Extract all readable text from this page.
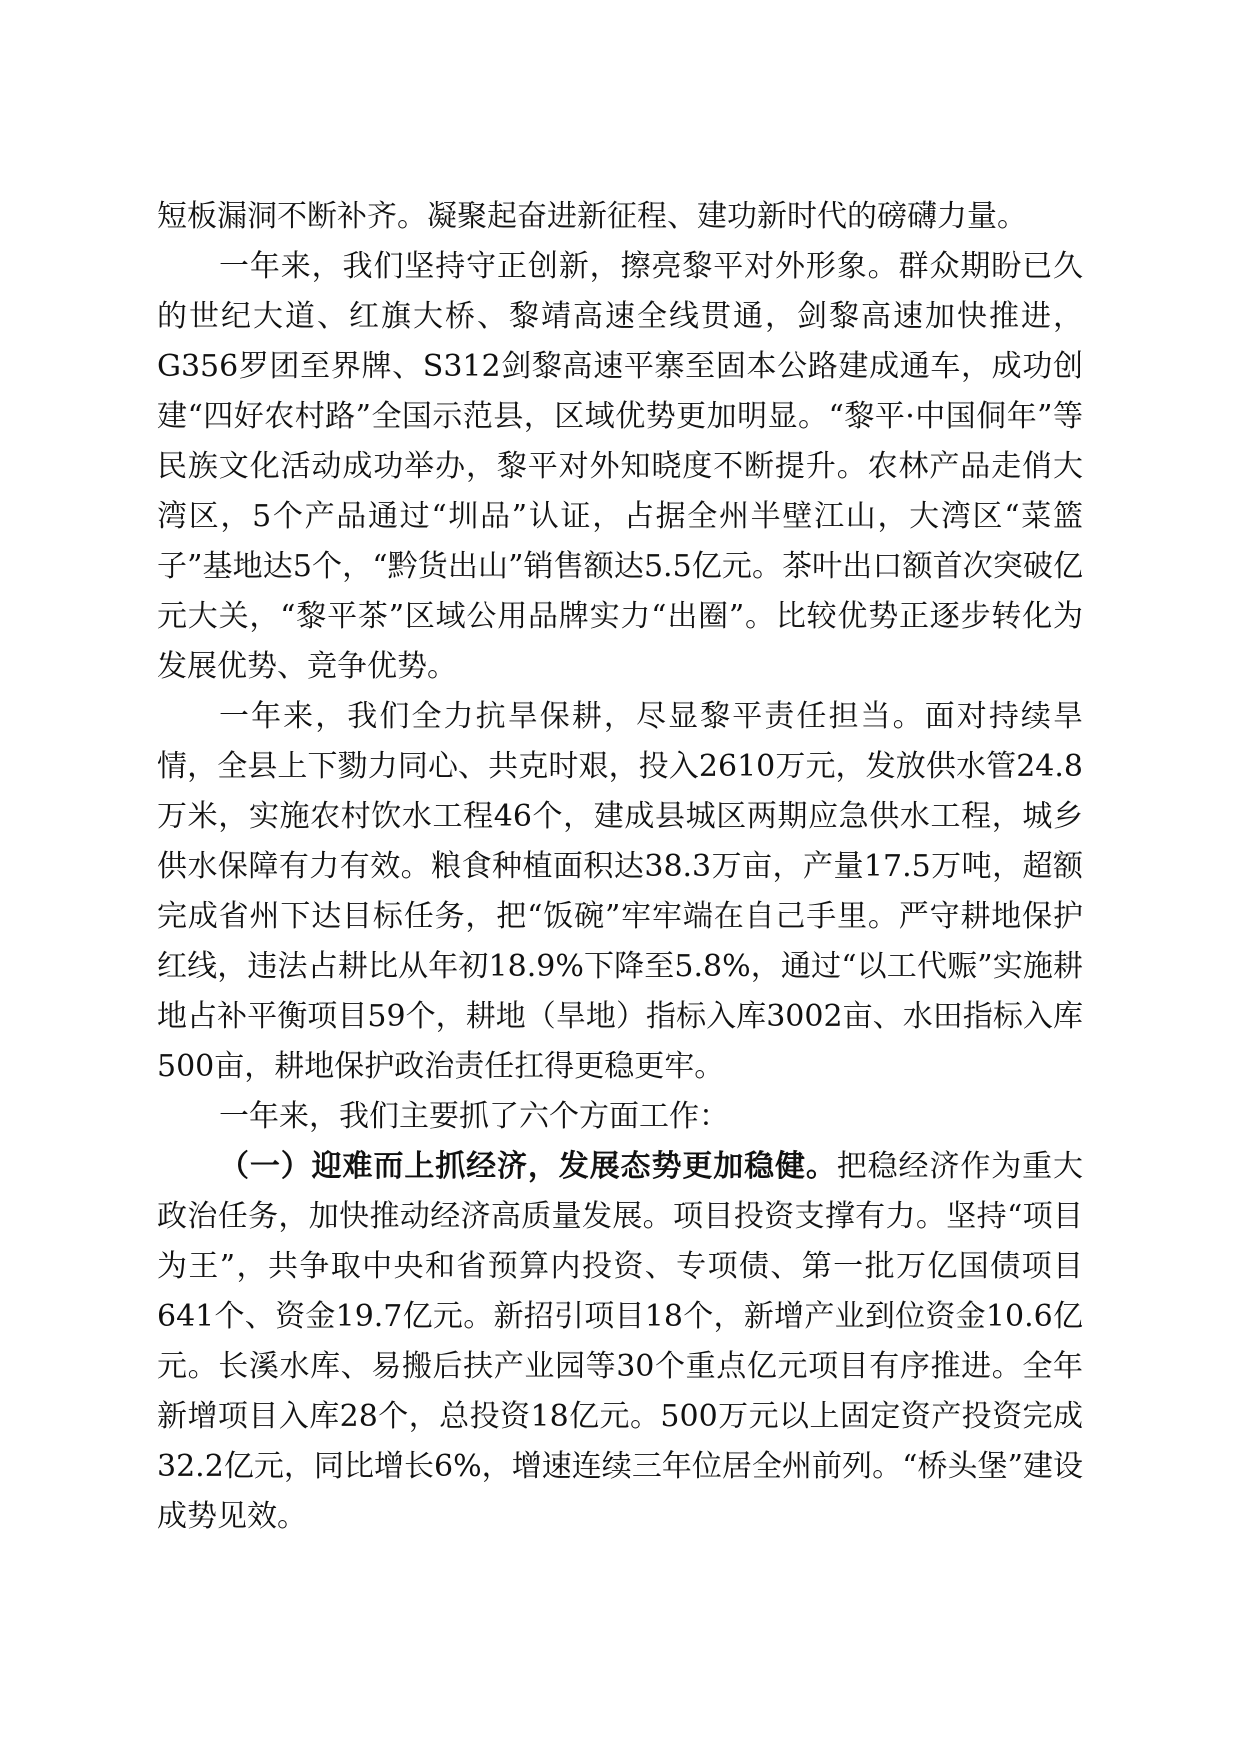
短板漏洞不断补齐。凝聚起奋进新征程、建功新时代的磅礴力量。

一年来，我们坚持守正创新，擦亮黎平对外形象。群众期盼已久的世纪大道、红旗大桥、黎靖高速全线贯通，剑黎高速加快推进，G356罗团至界牌、S312剑黎高速平寨至固本公路建成通车，成功创建“四好农村路”全国示范县，区域优势更加明显。“黎平·中国侗年”等民族文化活动成功举办，黎平对外知晓度不断提升。农林产品走俏大湾区，5个产品通过“圳品”认证，占据全州半壁江山，大湾区“菜篮子”基地达5个，“黔货出山”销售额达5.5亿元。茶叶出口额首次突破亿元大关，“黎平茶”区域公用品牌实力“出圈”。比较优势正逐步转化为发展优势、竞争优势。

一年来，我们全力抗旱保耕，尽显黎平责任担当。面对持续旱情，全县上下勠力同心、共克时艰，投入2610万元，发放供水管24.8万米，实施农村饮水工程46个，建成县城区两期应急供水工程，城乡供水保障有力有效。粮食种植面积达38.3万亩，产量17.5万吨，超额完成省州下达目标任务，把“饭碗”牢牢端在自己手里。严守耕地保护红线，违法占耕比从年初18.9%下降至5.8%，通过“以工代赈”实施耕地占补平衡项目59个，耕地（旱地）指标入库3002亩、水田指标入库500亩，耕地保护政治责任扛得更稳更牢。

一年来，我们主要抓了六个方面工作：

（一）迎难而上抓经济，发展态势更加稳健。把稳经济作为重大政治任务，加快推动经济高质量发展。项目投资支撑有力。坚持“项目为王”，共争取中央和省预算内投资、专项债、第一批万亿国债项目641个、资金19.7亿元。新招引项目18个，新增产业到位资金10.6亿元。长溪水库、易搬后扶产业园等30个重点亿元项目有序推进。全年新增项目入库28个，总投资18亿元。500万元以上固定资产投资完成32.2亿元，同比增长6%，增速连续三年位居全州前列。“桥头堡”建设成势见效。
